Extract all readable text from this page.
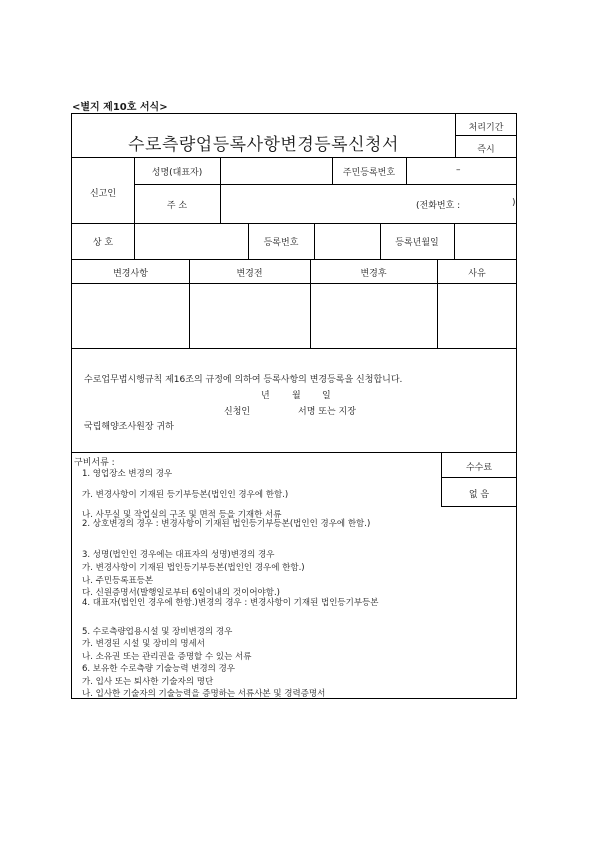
<별지 제10호 서식>
수로측량업등록사항변경등록신청서
처리기간
즉시
신고인
성명(대표자)	주민등록번호	–
주 소	(전화번호 :	)
상 호	등록번호	등록년월일
변경사항	변경전	변경후	사유
수로업무법시행규칙 제16조의 규정에 의하여 등록사항의 변경등록을 신청합니다.
년 월 일
신청인	서명 또는 지장
국립해양조사원장 귀하
구비서류 :	수수료
없 음
1. 영업장소 변경의 경우
가. 변경사항이 기재된 등기부등본(법인인 경우에 한함.)
나. 사무실 및 작업실의 구조 및 면적 등을 기재한 서류
2. 상호변경의 경우 : 변경사항이 기재된 법인등기부등본(법인인 경우에 한함.)
3. 성명(법인인 경우에는 대표자의 성명)변경의 경우
가. 변경사항이 기재된 법인등기부등본(법인인 경우에 한함.)
나. 주민등록표등본
다. 신원증명서(발행일로부터 6일이내의 것이어야함.)
4. 대표자(법인인 경우에 한함.)변경의 경우 : 변경사항이 기재된 법인등기부등본
5. 수로측량업용시설 및 장비변경의 경우
가. 변경된 시설 및 장비의 명세서
나. 소유권 또는 관리권을 증명할 수 있는 서류
6. 보유한 수로측량 기술능력 변경의 경우
가. 입사 또는 퇴사한 기술자의 명단
나. 입사한 기술자의 기술능력을 증명하는 서류사본 및 경력증명서
